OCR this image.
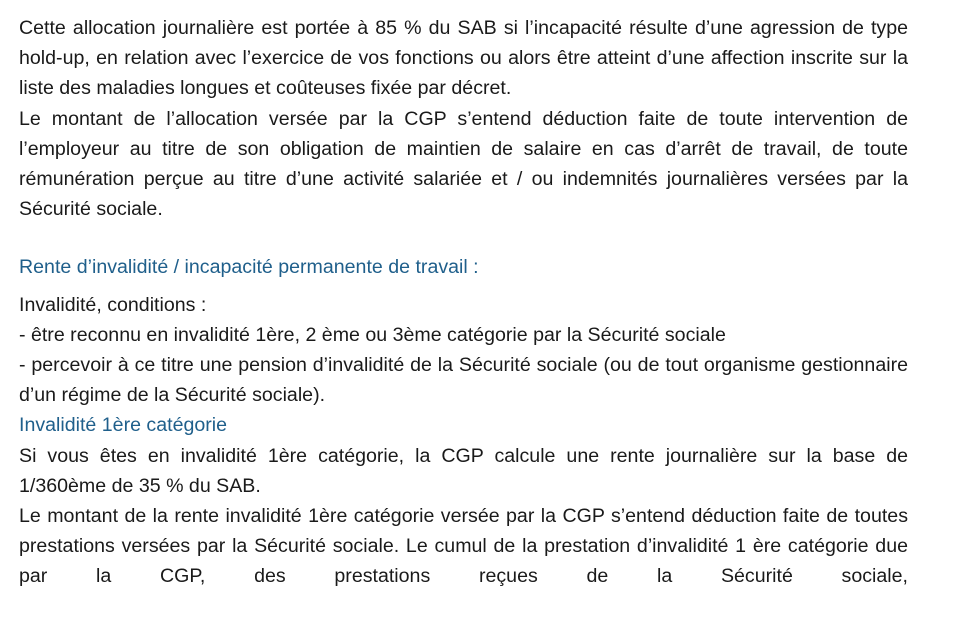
Cette allocation journalière est portée à 85 % du SAB si l’incapacité résulte d’une agression de type hold-up, en relation avec l’exercice de vos fonctions ou alors être atteint d’une affection inscrite sur la liste des maladies longues et coûteuses fixée par décret.

Le montant de l’allocation versée par la CGP s’entend déduction faite de toute intervention de l’employeur au titre de son obligation de maintien de salaire en cas d’arrêt de travail, de toute rémunération perçue au titre d’une activité salariée et / ou indemnités journalières versées par la Sécurité sociale.

Rente d’invalidité / incapacité permanente de travail :

Invalidité, conditions :

- être reconnu en invalidité 1ère, 2 ème ou 3ème catégorie par la Sécurité sociale

- percevoir à ce titre une pension d’invalidité de la Sécurité sociale (ou de tout organisme gestionnaire d’un régime de la Sécurité sociale).

Invalidité 1ère catégorie

Si vous êtes en invalidité 1ère catégorie, la CGP calcule une rente journalière sur la base de 1/360ème de 35 % du SAB.

Le montant de la rente invalidité 1ère catégorie versée par la CGP s’entend déduction faite de toutes prestations versées par la Sécurité sociale. Le cumul de la prestation d’invalidité 1 ère catégorie due par la CGP, des prestations reçues de la Sécurité sociale,
